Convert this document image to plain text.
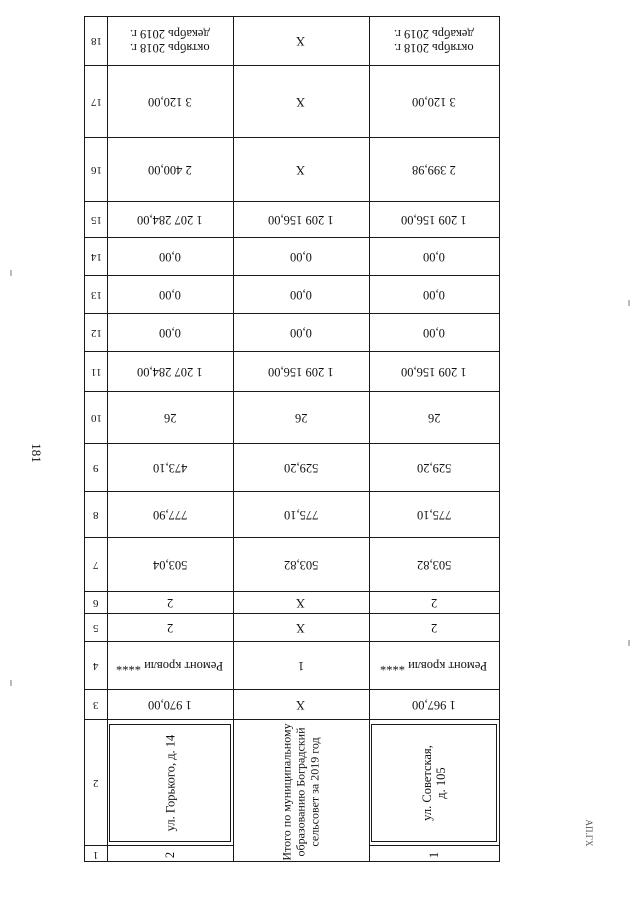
181
АП.ГХ
18
17
16
15
14
13
12
11
10
9
8
7
6
5
4
3
2
1
декабрь 2019 г.
октябрь 2018 г.
3 120,00
2 400,00
1 207 284,00
0,00
0,00
0,00
1 207 284,00
26
473,10
777,90
503,04
2
2
Ремонт кровли ****
1 970,00
ул. Горького, д. 14
2
X
X
X
1 209 156,00
0,00
0,00
0,00
1 209 156,00
26
529,20
775,10
503,82
X
X
1
X
Итого по муниципальному
образованию Боградский
сельсовет за 2019 год
декабрь 2019 г.
октябрь 2018 г.
3 120,00
2 399,98
1 209 156,00
0,00
0,00
0,00
1 209 156,00
26
529,20
775,10
503,82
2
2
Ремонт кровли ****
1 967,00
ул. Советская,
д. 105
1
